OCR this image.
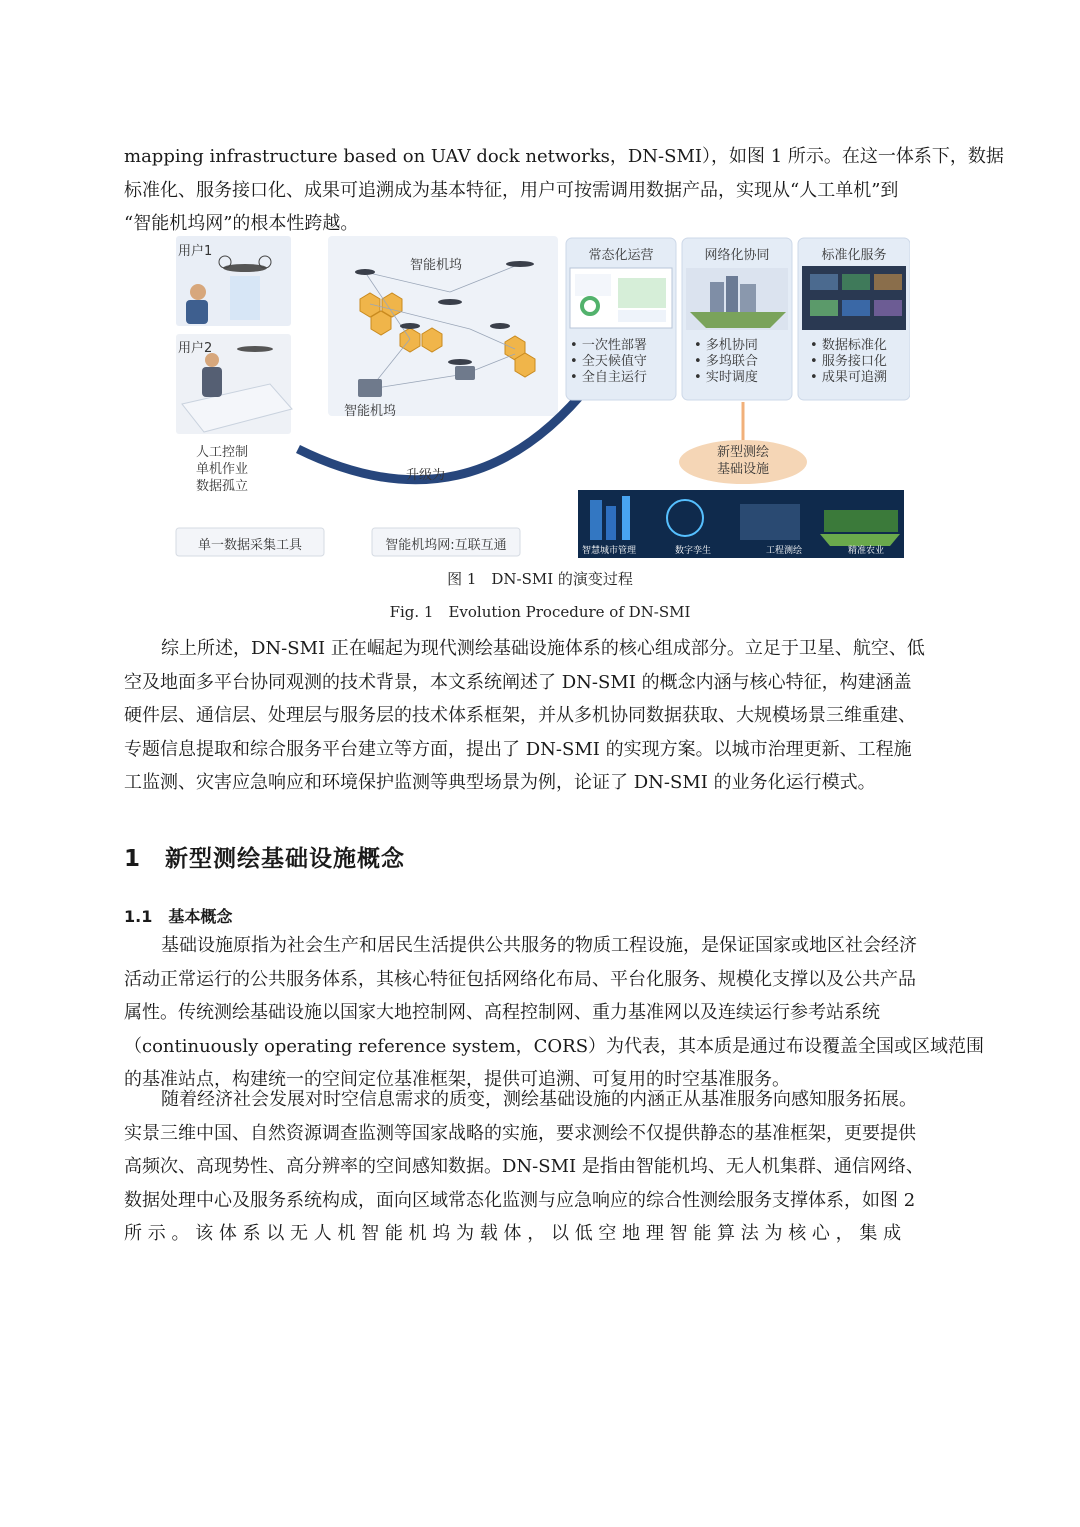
mapping infrastructure based on UAV dock networks，DN-SMI），如图 1 所示。在这一体系下，数据
标准化、服务接口化、成果可追溯成为基本特征，用户可按需调用数据产品，实现从“人工单机”到
“智能机坞网”的根本性跨越。
用户1
用户2
智能机坞
智能机坞
人工控制
单机作业
数据孤立
升级为
常态化运营	网络化协同	标准化服务
• 一次性部署
• 全天候值守
• 全自主运行
• 多机协同
• 多坞联合
• 实时调度
• 数据标准化
• 服务接口化
• 成果可追溯
新型测绘
基础设施
智慧城市管理	数字孪生	工程测绘	精准农业
单一数据采集工具	智能机坞网:互联互通
图 1　DN-SMI 的演变过程
Fig. 1　Evolution Procedure of DN-SMI
综上所述，DN-SMI 正在崛起为现代测绘基础设施体系的核心组成部分。立足于卫星、航空、低
空及地面多平台协同观测的技术背景，本文系统阐述了 DN-SMI 的概念内涵与核心特征，构建涵盖
硬件层、通信层、处理层与服务层的技术体系框架，并从多机协同数据获取、大规模场景三维重建、
专题信息提取和综合服务平台建立等方面，提出了 DN-SMI 的实现方案。以城市治理更新、工程施
工监测、灾害应急响应和环境保护监测等典型场景为例，论证了 DN-SMI 的业务化运行模式。
1　新型测绘基础设施概念
1.1　基本概念
基础设施原指为社会生产和居民生活提供公共服务的物质工程设施，是保证国家或地区社会经济
活动正常运行的公共服务体系，其核心特征包括网络化布局、平台化服务、规模化支撑以及公共产品
属性。传统测绘基础设施以国家大地控制网、高程控制网、重力基准网以及连续运行参考站系统
（continuously operating reference system，CORS）为代表，其本质是通过布设覆盖全国或区域范围
的基准站点，构建统一的空间定位基准框架，提供可追溯、可复用的时空基准服务。
随着经济社会发展对时空信息需求的质变，测绘基础设施的内涵正从基准服务向感知服务拓展。
实景三维中国、自然资源调查监测等国家战略的实施，要求测绘不仅提供静态的基准框架，更要提供
高频次、高现势性、高分辨率的空间感知数据。DN-SMI 是指由智能机坞、无人机集群、通信网络、
数据处理中心及服务系统构成，面向区域常态化监测与应急响应的综合性测绘服务支撑体系，如图 2
所 示 。 该 体 系 以 无 人 机 智 能 机 坞 为 载 体 ， 以 低 空 地 理 智 能 算 法 为 核 心 ， 集 成
